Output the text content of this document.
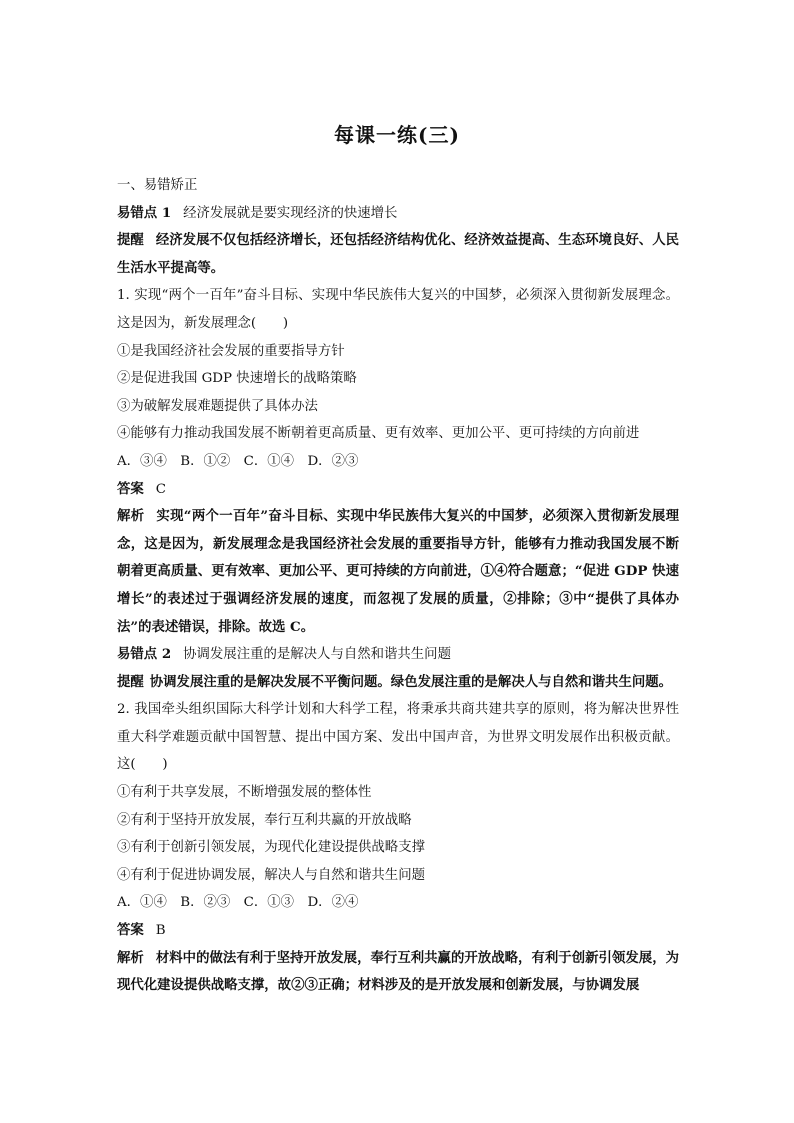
每课一练(三)

一、易错矫正

易错点 1 经济发展就是要实现经济的快速增长

提醒 经济发展不仅包括经济增长，还包括经济结构优化、经济效益提高、生态环境良好、人民生活水平提高等。

1. 实现“两个一百年”奋斗目标、实现中华民族伟大复兴的中国梦，必须深入贯彻新发展理念。这是因为，新发展理念(　　)

①是我国经济社会发展的重要指导方针

②是促进我国 GDP 快速增长的战略策略

③为破解发展难题提供了具体办法

④能够有力推动我国发展不断朝着更高质量、更有效率、更加公平、更可持续的方向前进

A．③④　B．①②　C．①④　D．②③

答案 C

解析 实现“两个一百年”奋斗目标、实现中华民族伟大复兴的中国梦，必须深入贯彻新发展理念，这是因为，新发展理念是我国经济社会发展的重要指导方针，能够有力推动我国发展不断朝着更高质量、更有效率、更加公平、更可持续的方向前进，①④符合题意；“促进 GDP 快速增长”的表述过于强调经济发展的速度，而忽视了发展的质量，②排除；③中“提供了具体办法”的表述错误，排除。故选 C。

易错点 2 协调发展注重的是解决人与自然和谐共生问题

提醒 协调发展注重的是解决发展不平衡问题。绿色发展注重的是解决人与自然和谐共生问题。

2. 我国牵头组织国际大科学计划和大科学工程，将秉承共商共建共享的原则，将为解决世界性重大科学难题贡献中国智慧、提出中国方案、发出中国声音，为世界文明发展作出积极贡献。这(　　)

①有利于共享发展，不断增强发展的整体性

②有利于坚持开放发展，奉行互利共赢的开放战略

③有利于创新引领发展，为现代化建设提供战略支撑

④有利于促进协调发展，解决人与自然和谐共生问题

A．①④　B．②③　C．①③　D．②④

答案 B

解析 材料中的做法有利于坚持开放发展，奉行互利共赢的开放战略，有利于创新引领发展，为现代化建设提供战略支撑，故②③正确；材料涉及的是开放发展和创新发展，与协调发展
